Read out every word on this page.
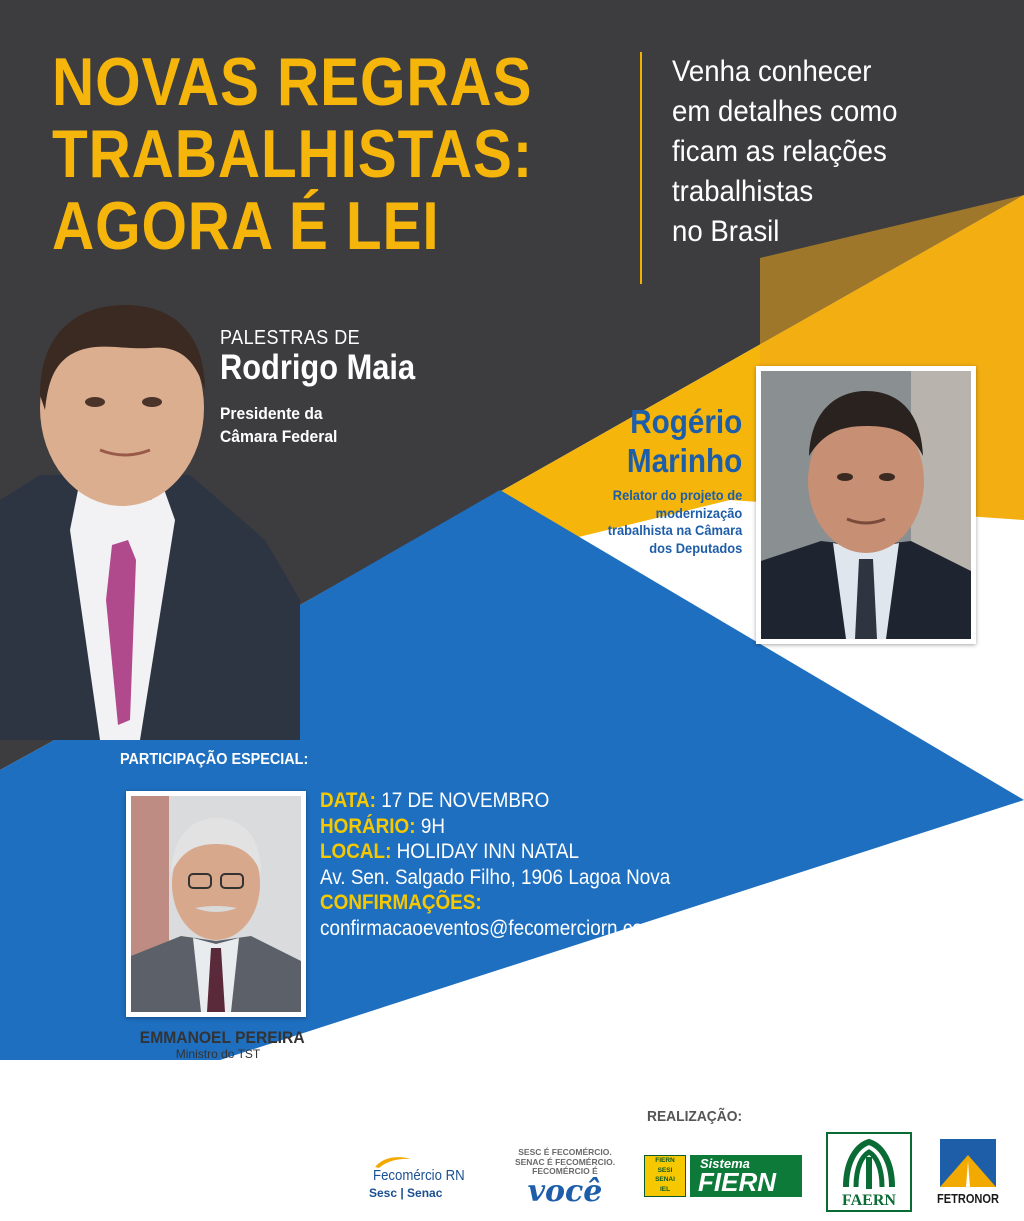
NOVAS REGRAS
TRABALHISTAS:
AGORA É LEI
Venha conhecer
em detalhes como
ficam as relações
trabalhistas
no Brasil
PALESTRAS DE
Rodrigo Maia
Presidente da
Câmara Federal	Rogério
Marinho
Relator do projeto de
modernização
trabalhista na Câmara
dos Deputados
PARTICIPAÇÃO ESPECIAL:
DATA: 17 DE NOVEMBRO
HORÁRIO: 9H
LOCAL: HOLIDAY INN NATAL
Av. Sen. Salgado Filho, 1906 Lagoa Nova
CONFIRMAÇÕES:
confirmacaoeventos@fecomerciorn.com.br
EMMANOEL PEREIRA
Ministro do TST
REALIZAÇÃO:
Fecomércio RN
Sesc | Senac
SESC É FECOMÉRCIO.
SENAC É FECOMÉRCIO.
FECOMÉRCIO É
você
FIERN
SESI
SENAI
IEL
Sistema
FIERN
FAERN	FETRONOR
